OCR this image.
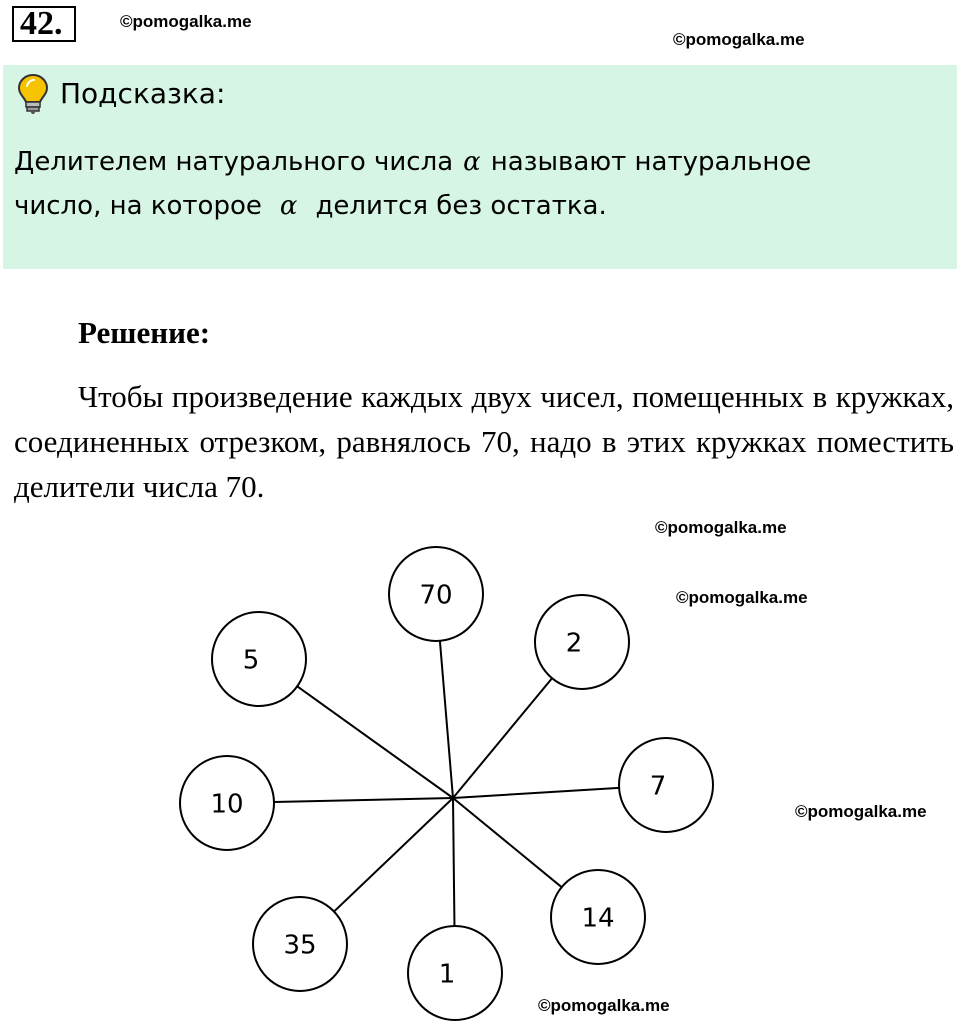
42.	©pomogalka.me
©pomogalka.me
Подсказка:
Делителем натурального числа α называют натуральное
число, на которое α делится без остатка.
Решение:
Чтобы произведение каждых двух чисел, помещенных в кружках, соединенных отрезком, равнялось 70, надо в этих кружках поместить делители числа 70.
©pomogalka.me
©pomogalka.me
©pomogalka.me
©pomogalka.me
70
2
7
14
1
35
10
5
